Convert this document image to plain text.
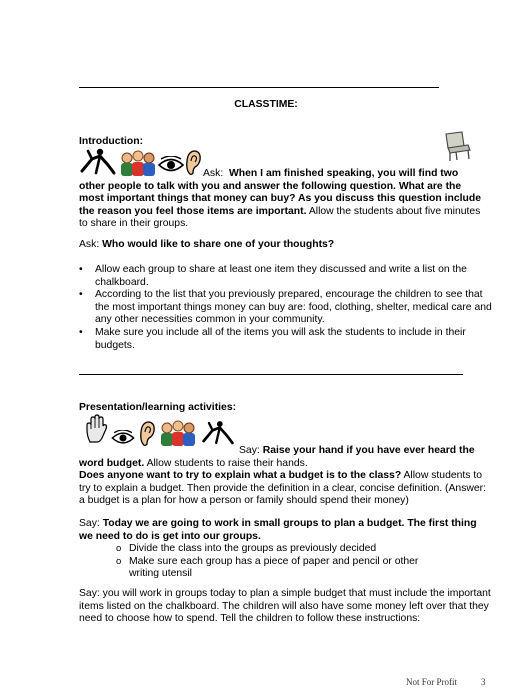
CLASSTIME:
Introduction:
Ask: When I am finished speaking, you will find two other people to talk with you and answer the following question. What are the most important things that money can buy? As you discuss this question include the reason you feel those items are important. Allow the students about five minutes to share in their groups.
Ask: Who would like to share one of your thoughts?
• Allow each group to share at least one item they discussed and write a list on the chalkboard.
• According to the list that you previously prepared, encourage the children to see that the most important things money can buy are: food, clothing, shelter, medical care and any other necessities common in your community.
• Make sure you include all of the items you will ask the students to include in their budgets.
Presentation/learning activities:
Say: Raise your hand if you have ever heard the word budget. Allow students to raise their hands.
Does anyone want to try to explain what a budget is to the class? Allow students to try to explain a budget. Then provide the definition in a clear, concise definition. (Answer: a budget is a plan for how a person or family should spend their money)
Say: Today we are going to work in small groups to plan a budget. The first thing we need to do is get into our groups.
o Divide the class into the groups as previously decided
o Make sure each group has a piece of paper and pencil or other writing utensil
Say: you will work in groups today to plan a simple budget that must include the important items listed on the chalkboard. The children will also have some money left over that they need to choose how to spend. Tell the children to follow these instructions:
Not For Profit	3
